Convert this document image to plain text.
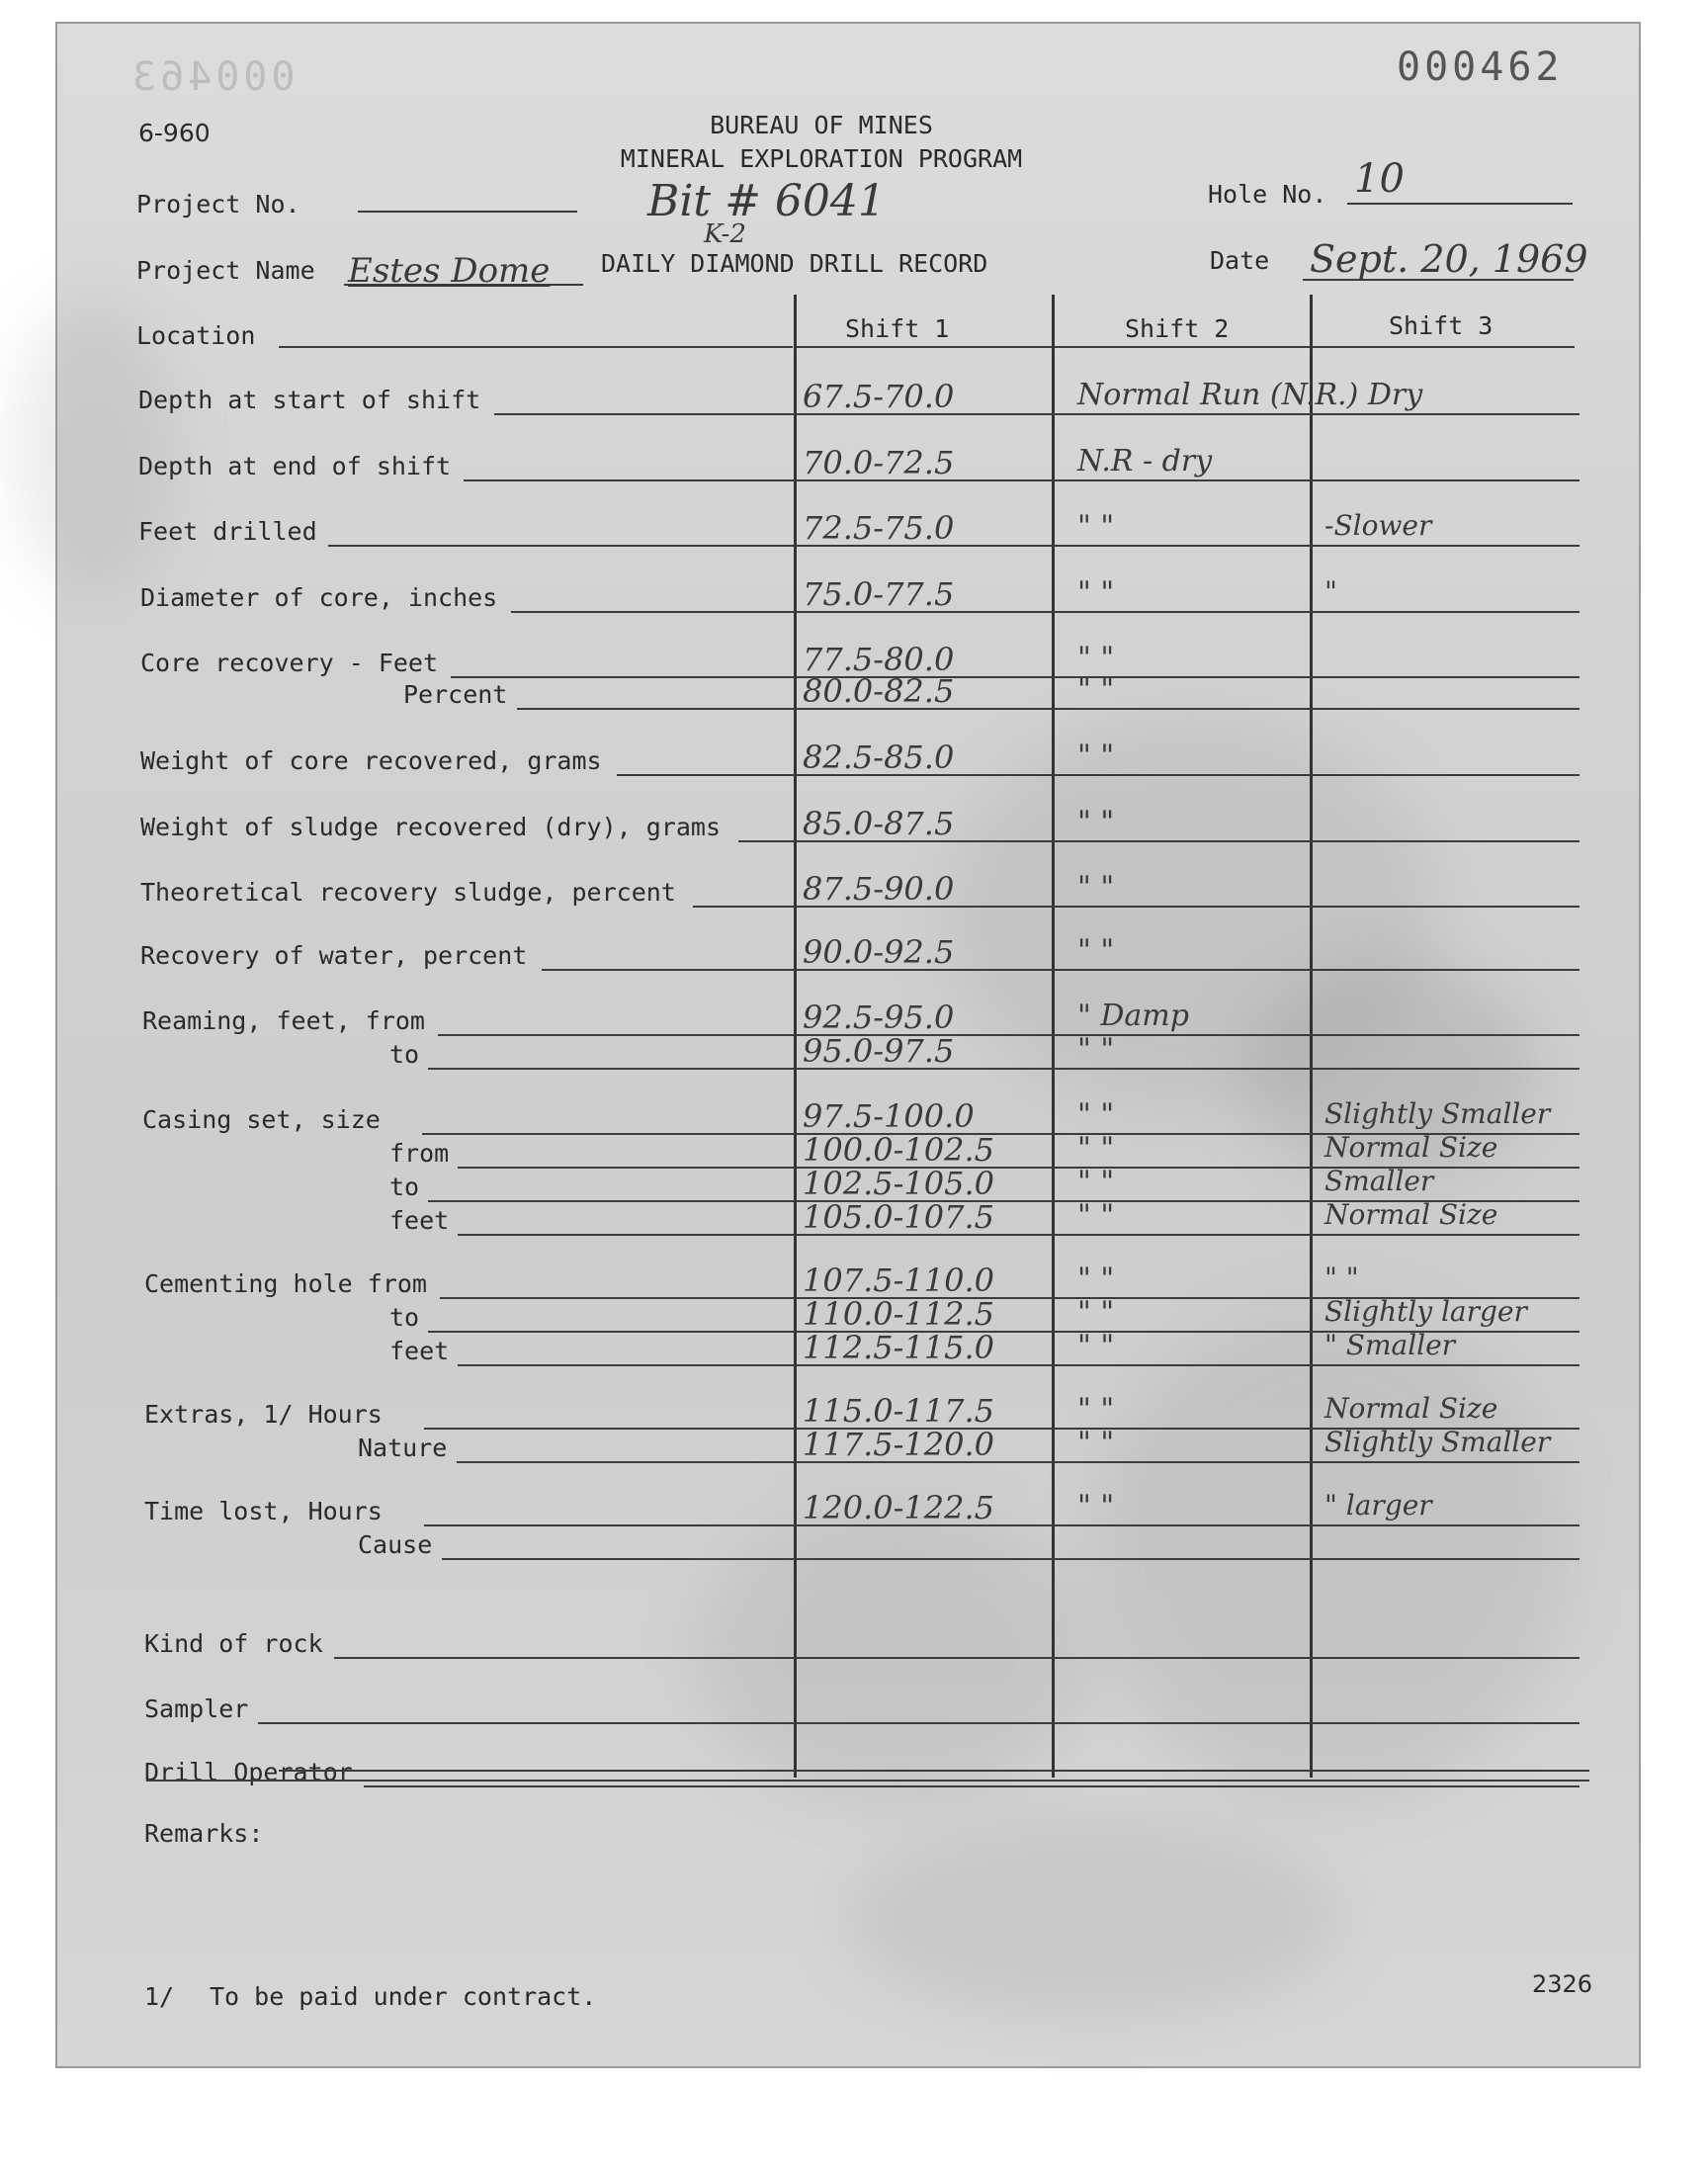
000463	000462
6-960	BUREAU OF MINES
MINERAL EXPLORATION PROGRAM
Project No.	Bit # 6041	Hole No. 10
Project Name Estes Dome DAILY DIAMOND DRILL RECORD
K-2
Date Sept. 20, 1969
Location	Shift 1	Shift 2	Shift 3
Depth at start of shift	67.5-70.0	Normal Run (N.R.) Dry
Depth at end of shift	70.0-72.5	N.R - dry
Feet drilled	72.5-75.0	" "	-Slower
Diameter of core, inches	75.0-77.5	" "	"
Core recovery - Feet	77.5-80.0	" "
Percent	80.0-82.5	" "
Weight of core recovered, grams	82.5-85.0	" "
Weight of sludge recovered (dry), grams	85.0-87.5	" "
Theoretical recovery sludge, percent	87.5-90.0	" "
Recovery of water, percent	90.0-92.5	" "
Reaming, feet, from	92.5-95.0	" Damp
to	95.0-97.5	" "
Casing set, size	97.5-100.0	" "	Slightly Smaller
from	100.0-102.5	" "	Normal Size
to	102.5-105.0	" "	Smaller
feet	105.0-107.5	" "	Normal Size
Cementing hole from	107.5-110.0	" "	" "
to	110.0-112.5	" "	Slightly larger
feet	112.5-115.0	" "	" Smaller
Extras, 1/ Hours	115.0-117.5	" "	Normal Size
Nature	117.5-120.0	" "	Slightly Smaller
Time lost, Hours	120.0-122.5	" "	" larger
Cause
Kind of rock
Sampler
Drill Operator
Remarks:
1/ To be paid under contract.	2326
